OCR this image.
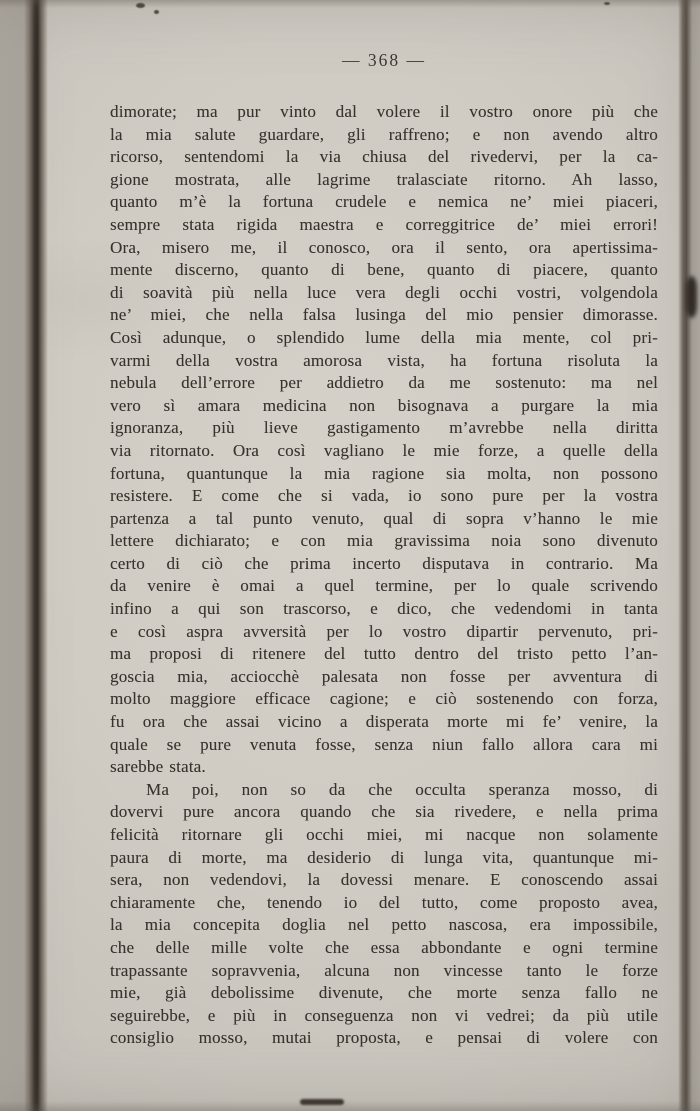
— 368 —
dimorate; ma pur vinto dal volere il vostro onore più che
la mia salute guardare, gli raffreno; e non avendo altro
ricorso, sentendomi la via chiusa del rivedervi, per la ca-
gione mostrata, alle lagrime tralasciate ritorno. Ah lasso,
quanto m’è la fortuna crudele e nemica ne’ miei piaceri,
sempre stata rigida maestra e correggitrice de’ miei errori!
Ora, misero me, il conosco, ora il sento, ora apertissima-
mente discerno, quanto di bene, quanto di piacere, quanto
di soavità più nella luce vera degli occhi vostri, volgendola
ne’ miei, che nella falsa lusinga del mio pensier dimorasse.
Così adunque, o splendido lume della mia mente, col pri-
varmi della vostra amorosa vista, ha fortuna risoluta la
nebula dell’errore per addietro da me sostenuto: ma nel
vero sì amara medicina non bisognava a purgare la mia
ignoranza, più lieve gastigamento m’avrebbe nella diritta
via ritornato. Ora così vagliano le mie forze, a quelle della
fortuna, quantunque la mia ragione sia molta, non possono
resistere. E come che si vada, io sono pure per la vostra
partenza a tal punto venuto, qual di sopra v’hanno le mie
lettere dichiarato; e con mia gravissima noia sono divenuto
certo di ciò che prima incerto disputava in contrario. Ma
da venire è omai a quel termine, per lo quale scrivendo
infino a qui son trascorso, e dico, che vedendomi in tanta
e così aspra avversità per lo vostro dipartir pervenuto, pri-
ma proposi di ritenere del tutto dentro del tristo petto l’an-
goscia mia, acciocchè palesata non fosse per avventura di
molto maggiore efficace cagione; e ciò sostenendo con forza,
fu ora che assai vicino a disperata morte mi fe’ venire, la
quale se pure venuta fosse, senza niun fallo allora cara mi
sarebbe stata.
Ma poi, non so da che occulta speranza mosso, di
dovervi pure ancora quando che sia rivedere, e nella prima
felicità ritornare gli occhi miei, mi nacque non solamente
paura di morte, ma desiderio di lunga vita, quantunque mi-
sera, non vedendovi, la dovessi menare. E conoscendo assai
chiaramente che, tenendo io del tutto, come proposto avea,
la mia concepita doglia nel petto nascosa, era impossibile,
che delle mille volte che essa abbondante e ogni termine
trapassante sopravvenia, alcuna non vincesse tanto le forze
mie, già debolissime divenute, che morte senza fallo ne
seguirebbe, e più in conseguenza non vi vedrei; da più utile
consiglio mosso, mutai proposta, e pensai di volere con
